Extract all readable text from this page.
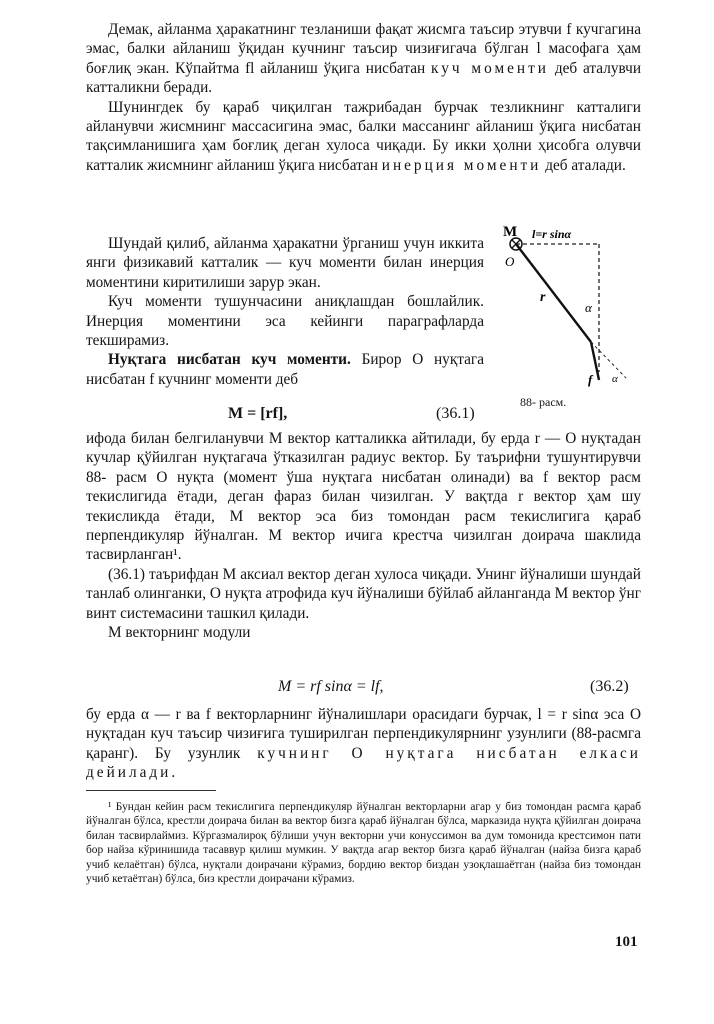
Демак, айланма ҳаракатнинг тезланиши фақат жисмга таъсир этувчи f кучгагина эмас, балки айланиш ўқидан кучнинг таъсир чизиғигача бўлган l масофага ҳам боғлиқ экан. Кўпайтма fl айланиш ўқига нисбатан куч моменти деб аталувчи катталикни беради.

Шунингдек бу қараб чиқилган тажрибадан бурчак тезликнинг катталиги айланувчи жисмнинг массасигина эмас, балки массанинг айланиш ўқига нисбатан тақсимланишига ҳам боғлиқ деган хулоса чиқади. Бу икки ҳолни ҳисобга олувчи катталик жисмнинг айланиш ўқига нисбатан инерция моменти деб аталади.

Шундай қилиб, айланма ҳаракатни ўрганиш учун иккита янги физикавий катталик — куч моменти билан инерция моментини киритилиши зарур экан.

Куч моменти тушунчасини аниқлашдан бошлайлик. Инерция моментини эса кейинги параграфларда текширамиз.

Нуқтага нисбатан куч моменти. Бирор O нуқтага нисбатан f кучнинг моменти деб

M = [rf],	(36.1)
M
O
l=r sinα
r
α
f α
88- расм.

ифода билан белгиланувчи M вектор катталикка айтилади, бу ерда r — O нуқтадан кучлар қўйилган нуқтагача ўтказилган радиус вектор. Бу таърифни тушунтирувчи 88- расм O нуқта (момент ўша нуқтага нисбатан олинади) ва f вектор расм текислигида ётади, деган фараз билан чизилган. У вақтда r вектор ҳам шу текисликда ётади, M вектор эса биз томондан расм текислигига қараб перпендикуляр йўналган. M вектор ичига крестча чизилган доирача шаклида тасвирланган¹.

(36.1) таърифдан M аксиал вектор деган хулоса чиқади. Унинг йўналиши шундай танлаб олинганки, O нуқта атрофида куч йўналиши бўйлаб айланганда M вектор ўнг винт системасини ташкил қилади.

M векторнинг модули

M = rf sinα = lf,	(36.2)

бу ерда α — r ва f векторларнинг йўналишлари орасидаги бурчак, l = r sinα эса O нуқтадан куч таъсир чизиғига туширилган перпендикулярнинг узунлиги (88-расмга қаранг). Бу узунлик кучнинг O нуқтага нисбатан елкаси дейилади.

¹ Бундан кейин расм текислигига перпендикуляр йўналган векторларни агар у биз томондан расмга қараб йўналган бўлса, крестли доирача билан ва вектор бизга қараб йўналган бўлса, марказида нуқта қўйилган доирача билан тасвирлаймиз. Кўргазмалироқ бўлиши учун векторни учи конуссимон ва дум томонида крестсимон пати бор найза кўринишида тасаввур қилиш мумкин. У вақтда агар вектор бизга қараб йўналган (найза бизга қараб учиб келаётган) бўлса, нуқтали доирачани кўрамиз, бордию вектор биздан узоқлашаётган (найза биз томондан учиб кетаётган) бўлса, биз крестли доирачани кўрамиз.

101
